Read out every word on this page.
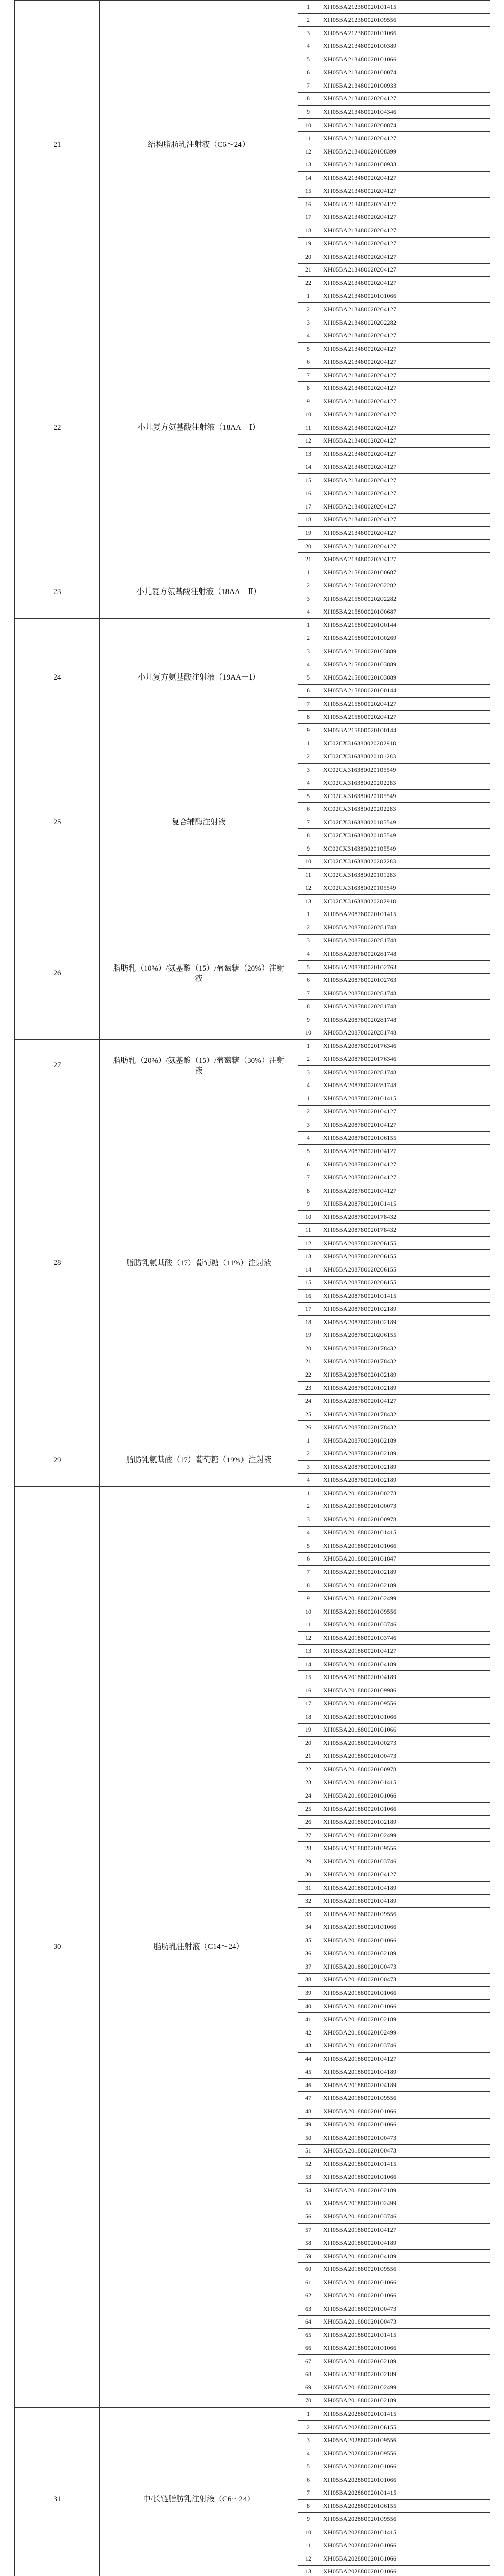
21	结构脂肪乳注射液（C6～24）	1	XH05BA212380020101415
		2	XH05BA212380020109556
		3	XH05BA212380020101066
		4	XH05BA213480020100389
		5	XH05BA213480020101066
		6	XH05BA213480020100074
		7	XH05BA213480020100933
		8	XH05BA213480020204127
		9	XH05BA213480020104346
		10	XH05BA213480020200874
		11	XH05BA213480020204127
		12	XH05BA213480020108399
		13	XH05BA213480020100933
		14	XH05BA213480020204127
		15	XH05BA213480020204127
		16	XH05BA213480020204127
		17	XH05BA213480020204127
		18	XH05BA213480020204127
		19	XH05BA213480020204127
		20	XH05BA213480020204127
		21	XH05BA213480020204127
		22	XH05BA213480020204127
22	小儿复方氨基酸注射液（18AA－Ⅰ）	1	XH05BA213480020101066
		2	XH05BA213480020204127
		3	XH05BA213480020202282
		4	XH05BA213480020204127
		5	XH05BA213480020204127
		6	XH05BA213480020204127
		7	XH05BA213480020204127
		8	XH05BA213480020204127
		9	XH05BA213480020204127
		10	XH05BA213480020204127
		11	XH05BA213480020204127
		12	XH05BA213480020204127
		13	XH05BA213480020204127
		14	XH05BA213480020204127
		15	XH05BA213480020204127
		16	XH05BA213480020204127
		17	XH05BA213480020204127
		18	XH05BA213480020204127
		19	XH05BA213480020204127
		20	XH05BA213480020204127
		21	XH05BA213480020204127
23	小儿复方氨基酸注射液（18AA－Ⅱ）	1	XH05BA215800020100687
		2	XH05BA215800020202282
		3	XH05BA215800020202282
		4	XH05BA215800020100687
24	小儿复方氨基酸注射液（19AA－Ⅰ）	1	XH05BA215800020100144
		2	XH05BA215800020100269
		3	XH05BA215800020103889
		4	XH05BA215800020103889
		5	XH05BA215800020103889
		6	XH05BA215800020100144
		7	XH05BA215800020204127
		8	XH05BA215800020204127
		9	XH05BA215800020100144
25	复合辅酶注射液	1	XC02CX316380020202918
		2	XC02CX316380020101283
		3	XC02CX316380020105549
		4	XC02CX316380020202283
		5	XC02CX316380020105549
		6	XC02CX316380020202283
		7	XC02CX316380020105549
		8	XC02CX316380020105549
		9	XC02CX316380020105549
		10	XC02CX316380020202283
		11	XC02CX316380020101283
		12	XC02CX316380020105549
		13	XC02CX316380020202918
26	脂肪乳（10%）/氨基酸（15）/葡萄糖（20%）注射液	1	XH05BA208780020101415
		2	XH05BA208780020281748
		3	XH05BA208780020281748
		4	XH05BA208780020281748
		5	XH05BA208780020102763
		6	XH05BA208780020102763
		7	XH05BA208780020281748
		8	XH05BA208780020281748
		9	XH05BA208780020281748
		10	XH05BA208780020281748
27	脂肪乳（20%）/氨基酸（15）/葡萄糖（30%）注射液	1	XH05BA208780020176346
		2	XH05BA208780020176346
		3	XH05BA208780020281748
		4	XH05BA208780020281748
28	脂肪乳氨基酸（17）葡萄糖（11%）注射液	1	XH05BA208780020101415
		2	XH05BA208780020104127
		3	XH05BA208780020104127
		4	XH05BA208780020106155
		5	XH05BA208780020104127
		6	XH05BA208780020104127
		7	XH05BA208780020104127
		8	XH05BA208780020104127
		9	XH05BA208780020101415
		10	XH05BA208780020178432
		11	XH05BA208780020178432
		12	XH05BA208780020206155
		13	XH05BA208780020206155
		14	XH05BA208780020206155
		15	XH05BA208780020206155
		16	XH05BA208780020101415
		17	XH05BA208780020102189
		18	XH05BA208780020102189
		19	XH05BA208780020206155
		20	XH05BA208780020178432
		21	XH05BA208780020178432
		22	XH05BA208780020102189
		23	XH05BA208780020102189
		24	XH05BA208780020104127
		25	XH05BA208780020178432
		26	XH05BA208780020178432
29	脂肪乳氨基酸（17）葡萄糖（19%）注射液	1	XH05BA208780020102189
		2	XH05BA208780020102189
		3	XH05BA208780020102189
		4	XH05BA208780020102189
30	脂肪乳注射液（C14～24）	1	XH05BA201880020100273
		2	XH05BA201880020100073
		3	XH05BA201880020100978
		4	XH05BA201880020101415
		5	XH05BA201880020101066
		6	XH05BA201880020101847
		7	XH05BA201880020102189
		8	XH05BA201880020102189
		9	XH05BA201880020102499
		10	XH05BA201880020109556
		11	XH05BA201880020103746
		12	XH05BA201880020103746
		13	XH05BA201880020104127
		14	XH05BA201880020104189
		15	XH05BA201880020104189
		16	XH05BA201880020109986
		17	XH05BA201880020109556
		18	XH05BA201880020101066
		19	XH05BA201880020101066
		20	XH05BA201880020100273
		21	XH05BA201880020100473
		22	XH05BA201880020100978
		23	XH05BA201880020101415
		24	XH05BA201880020101066
		25	XH05BA201880020101066
		26	XH05BA201880020102189
		27	XH05BA201880020102499
		28	XH05BA201880020109556
		29	XH05BA201880020103746
		30	XH05BA201880020104127
		31	XH05BA201880020104189
		32	XH05BA201880020104189
		33	XH05BA201880020109556
		34	XH05BA201880020101066
		35	XH05BA201880020101066
		36	XH05BA201880020102189
		37	XH05BA201880020100473
		38	XH05BA201880020100473
		39	XH05BA201880020101066
		40	XH05BA201880020101066
		41	XH05BA201880020102189
		42	XH05BA201880020102499
		43	XH05BA201880020103746
		44	XH05BA201880020104127
		45	XH05BA201880020104189
		46	XH05BA201880020104189
		47	XH05BA201880020109556
		48	XH05BA201880020101066
		49	XH05BA201880020101066
		50	XH05BA201880020100473
		51	XH05BA201880020100473
		52	XH05BA201880020101415
		53	XH05BA201880020101066
		54	XH05BA201880020102189
		55	XH05BA201880020102499
		56	XH05BA201880020103746
		57	XH05BA201880020104127
		58	XH05BA201880020104189
		59	XH05BA201880020104189
		60	XH05BA201880020109556
		61	XH05BA201880020101066
		62	XH05BA201880020101066
		63	XH05BA201880020100473
		64	XH05BA201880020100473
		65	XH05BA201880020101415
		66	XH05BA201880020101066
		67	XH05BA201880020102189
		68	XH05BA201880020102189
		69	XH05BA201880020102499
		70	XH05BA201880020102189
31	中/长链脂肪乳注射液（C6～24）	1	XH05BA202880020101415
		2	XH05BA202880020106155
		3	XH05BA202880020109556
		4	XH05BA202880020109556
		5	XH05BA202880020101066
		6	XH05BA202880020101066
		7	XH05BA202880020101415
		8	XH05BA202880020106155
		9	XH05BA202880020109556
		10	XH05BA202880020101415
		11	XH05BA202880020101066
		12	XH05BA202880020101066
		13	XH05BA202880020101066
